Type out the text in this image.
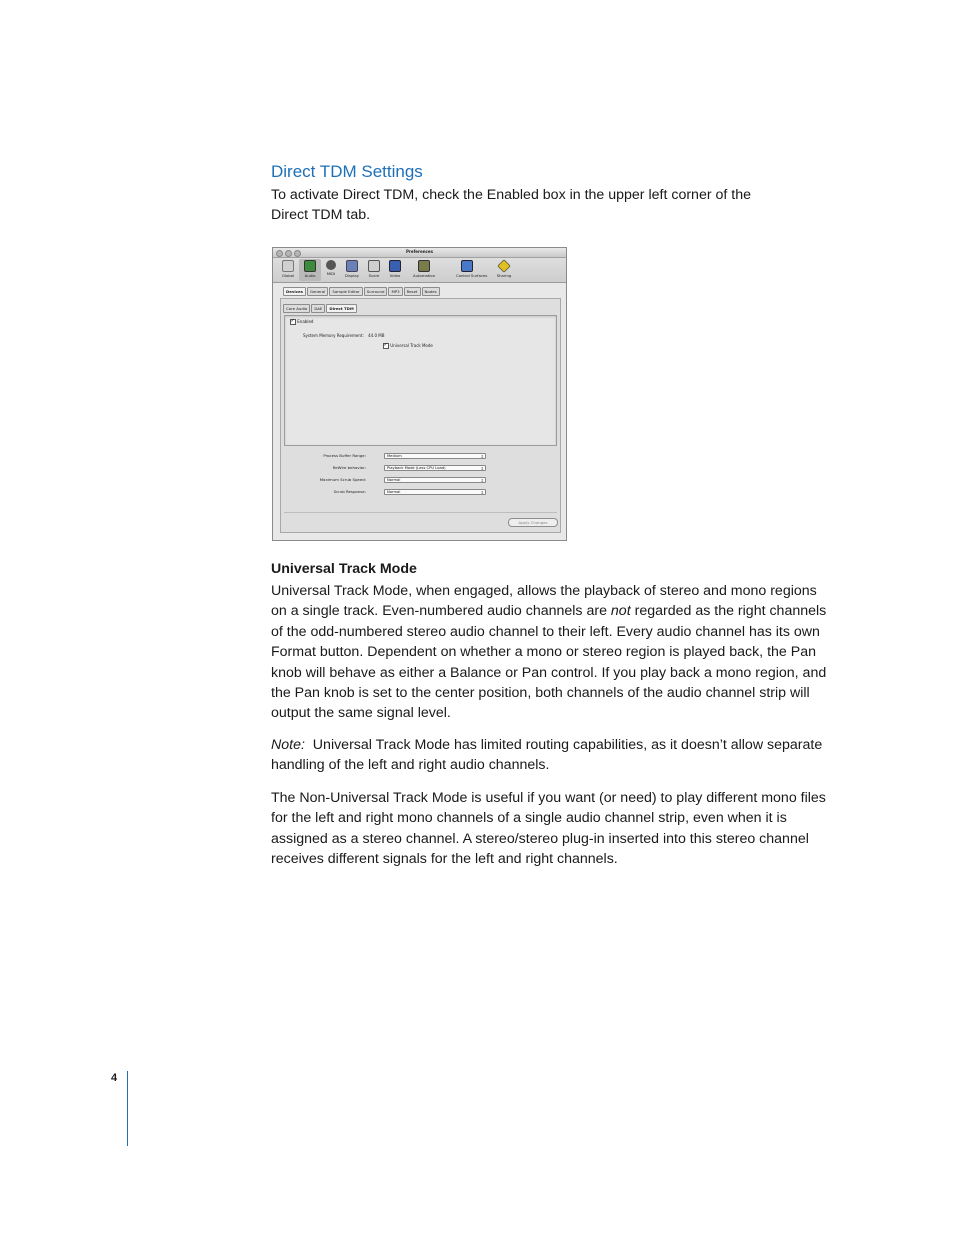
Direct TDM Settings

To activate Direct TDM, check the Enabled box in the upper left corner of the Direct TDM tab.

Preferences
Global	Audio	MIDI	Display	Score	Video	Automation	Control Surfaces	Sharing
Devices	General	Sample Editor	Surround	MP3	Reset	Nodes
Core Audio	DAE	Direct TDM
✓ Enabled
System Memory Requirement: 44.0 MB
✓ Universal Track Mode
Process Buffer Range:	Medium	⇕
ReWire behavior:	Playback Mode (Less CPU Load)	⇕
Maximum Scrub Speed:	Normal	⇕
Scrub Response:	Normal	⇕
Apply Changes
Universal Track Mode

Universal Track Mode, when engaged, allows the playback of stereo and mono regions on a single track. Even-numbered audio channels are not regarded as the right channels of the odd-numbered stereo audio channel to their left. Every audio channel has its own Format button. Dependent on whether a mono or stereo region is played back, the Pan knob will behave as either a Balance or Pan control. If you play back a mono region, and the Pan knob is set to the center position, both channels of the audio channel strip will output the same signal level.

Note:  Universal Track Mode has limited routing capabilities, as it doesn’t allow separate handling of the left and right audio channels.

The Non-Universal Track Mode is useful if you want (or need) to play different mono files for the left and right mono channels of a single audio channel strip, even when it is assigned as a stereo channel. A stereo/stereo plug-in inserted into this stereo channel receives different signals for the left and right channels.

4
